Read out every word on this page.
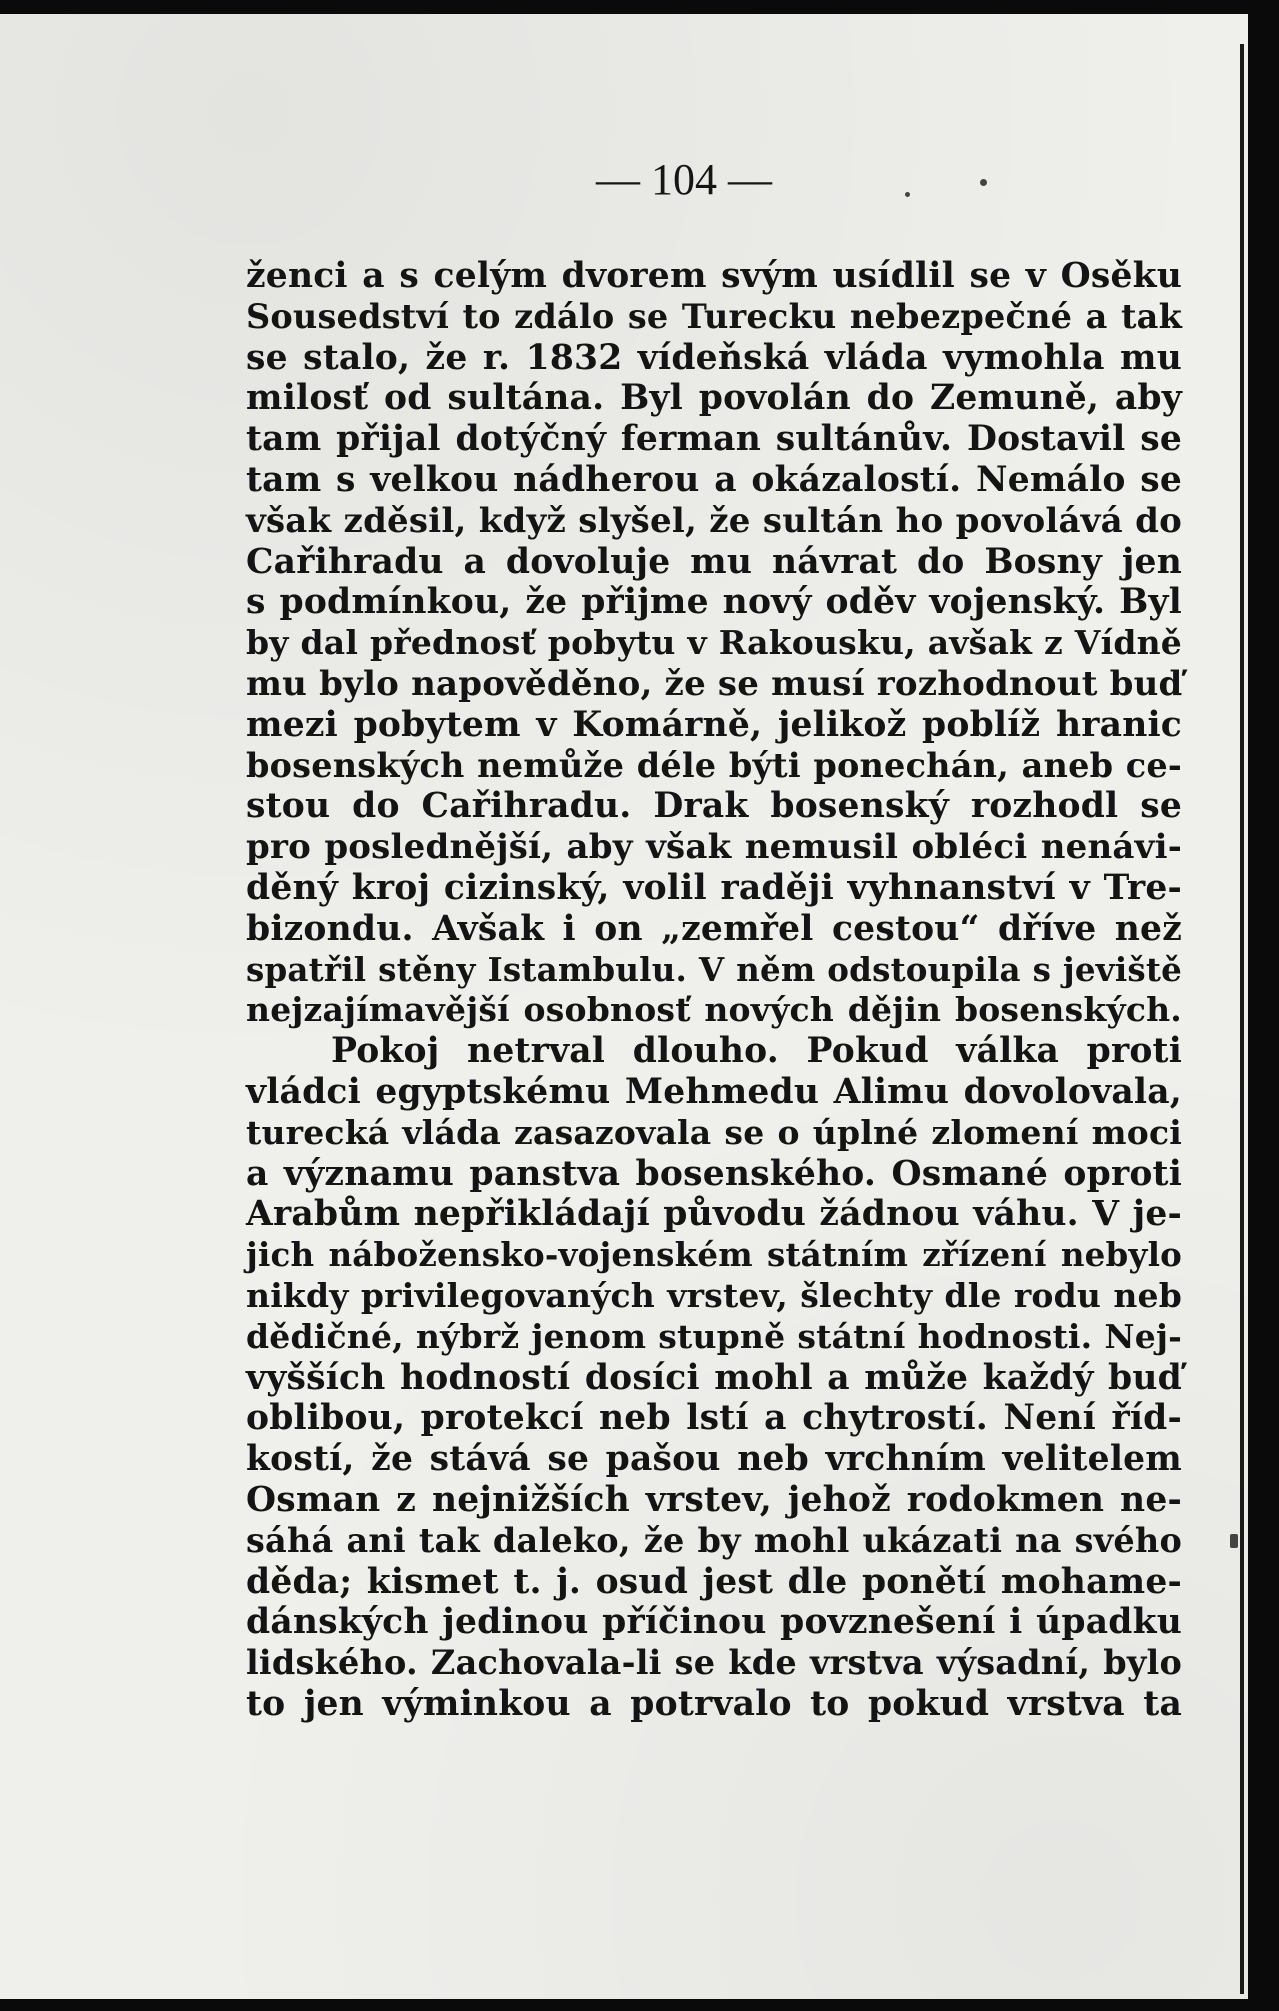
— 104 —
ženci a s celým dvorem svým usídlil se v Osěku
Sousedství to zdálo se Turecku nebezpečné a tak
se stalo, že r. 1832 vídeňská vláda vymohla mu
milosť od sultána. Byl povolán do Zemuně, aby
tam přijal dotýčný ferman sultánův. Dostavil se
tam s velkou nádherou a okázalostí. Nemálo se
však zděsil, když slyšel, že sultán ho povolává do
Cařihradu a dovoluje mu návrat do Bosny jen
s podmínkou, že přijme nový oděv vojenský. Byl
by dal přednosť pobytu v Rakousku, avšak z Vídně
mu bylo napověděno, že se musí rozhodnout buď
mezi pobytem v Komárně, jelikož poblíž hranic
bosenských nemůže déle býti ponechán, aneb ce-
stou do Cařihradu. Drak bosenský rozhodl se
pro poslednější, aby však nemusil obléci nenávi-
děný kroj cizinský, volil raději vyhnanství v Tre-
bizondu. Avšak i on „zemřel cestou“ dříve než
spatřil stěny Istambulu. V něm odstoupila s jeviště
nejzajímavější osobnosť nových dějin bosenských.
Pokoj netrval dlouho. Pokud válka proti
vládci egyptskému Mehmedu Alimu dovolovala,
turecká vláda zasazovala se o úplné zlomení moci
a významu panstva bosenského. Osmané oproti
Arabům nepřikládají původu žádnou váhu. V je-
jich nábožensko-vojenském státním zřízení nebylo
nikdy privilegovaných vrstev, šlechty dle rodu neb
dědičné, nýbrž jenom stupně státní hodnosti. Nej-
vyšších hodností dosíci mohl a může každý buď
oblibou, protekcí neb lstí a chytrostí. Není říd-
kostí, že stává se pašou neb vrchním velitelem
Osman z nejnižších vrstev, jehož rodokmen ne-
sáhá ani tak daleko, že by mohl ukázati na svého
děda; kismet t. j. osud jest dle ponětí mohame-
dánských jedinou příčinou povznešení i úpadku
lidského. Zachovala-li se kde vrstva výsadní, bylo
to jen výminkou a potrvalo to pokud vrstva ta
